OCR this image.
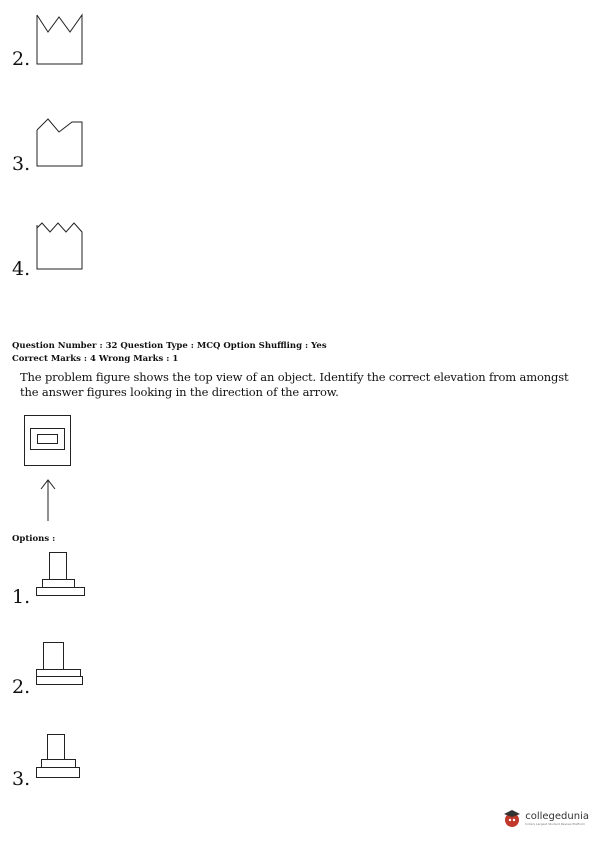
2.
3.
4.
Question Number : 32 Question Type : MCQ Option Shuffling : Yes
Correct Marks : 4 Wrong Marks : 1
The problem figure shows the top view of an object. Identify the correct elevation from amongst
the answer figures looking in the direction of the arrow.
Options :
1.
2.
3.
collegedunia
India's Largest Student Review Platform
